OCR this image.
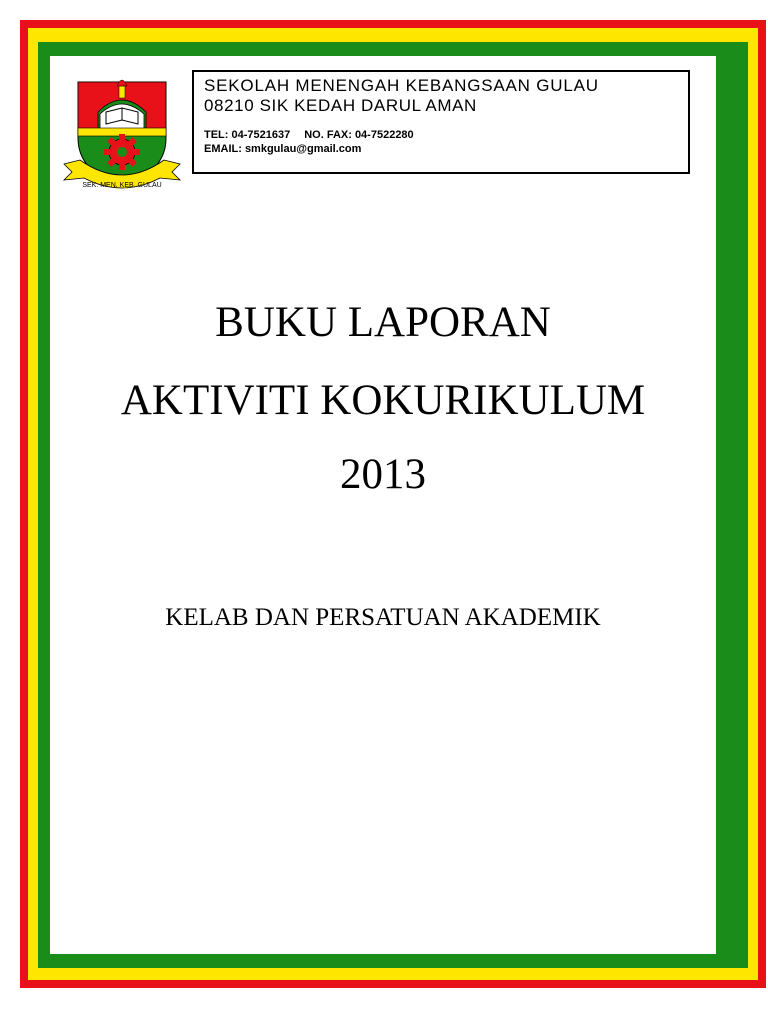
SEK. MEN. KEB. GULAU
SEKOLAH MENENGAH KEBANGSAAN GULAU
08210 SIK KEDAH DARUL AMAN
TEL: 04-7521637 NO. FAX: 04-7522280
EMAIL: smkgulau@gmail.com
BUKU LAPORAN
AKTIVITI KOKURIKULUM
2013
KELAB DAN PERSATUAN AKADEMIK
